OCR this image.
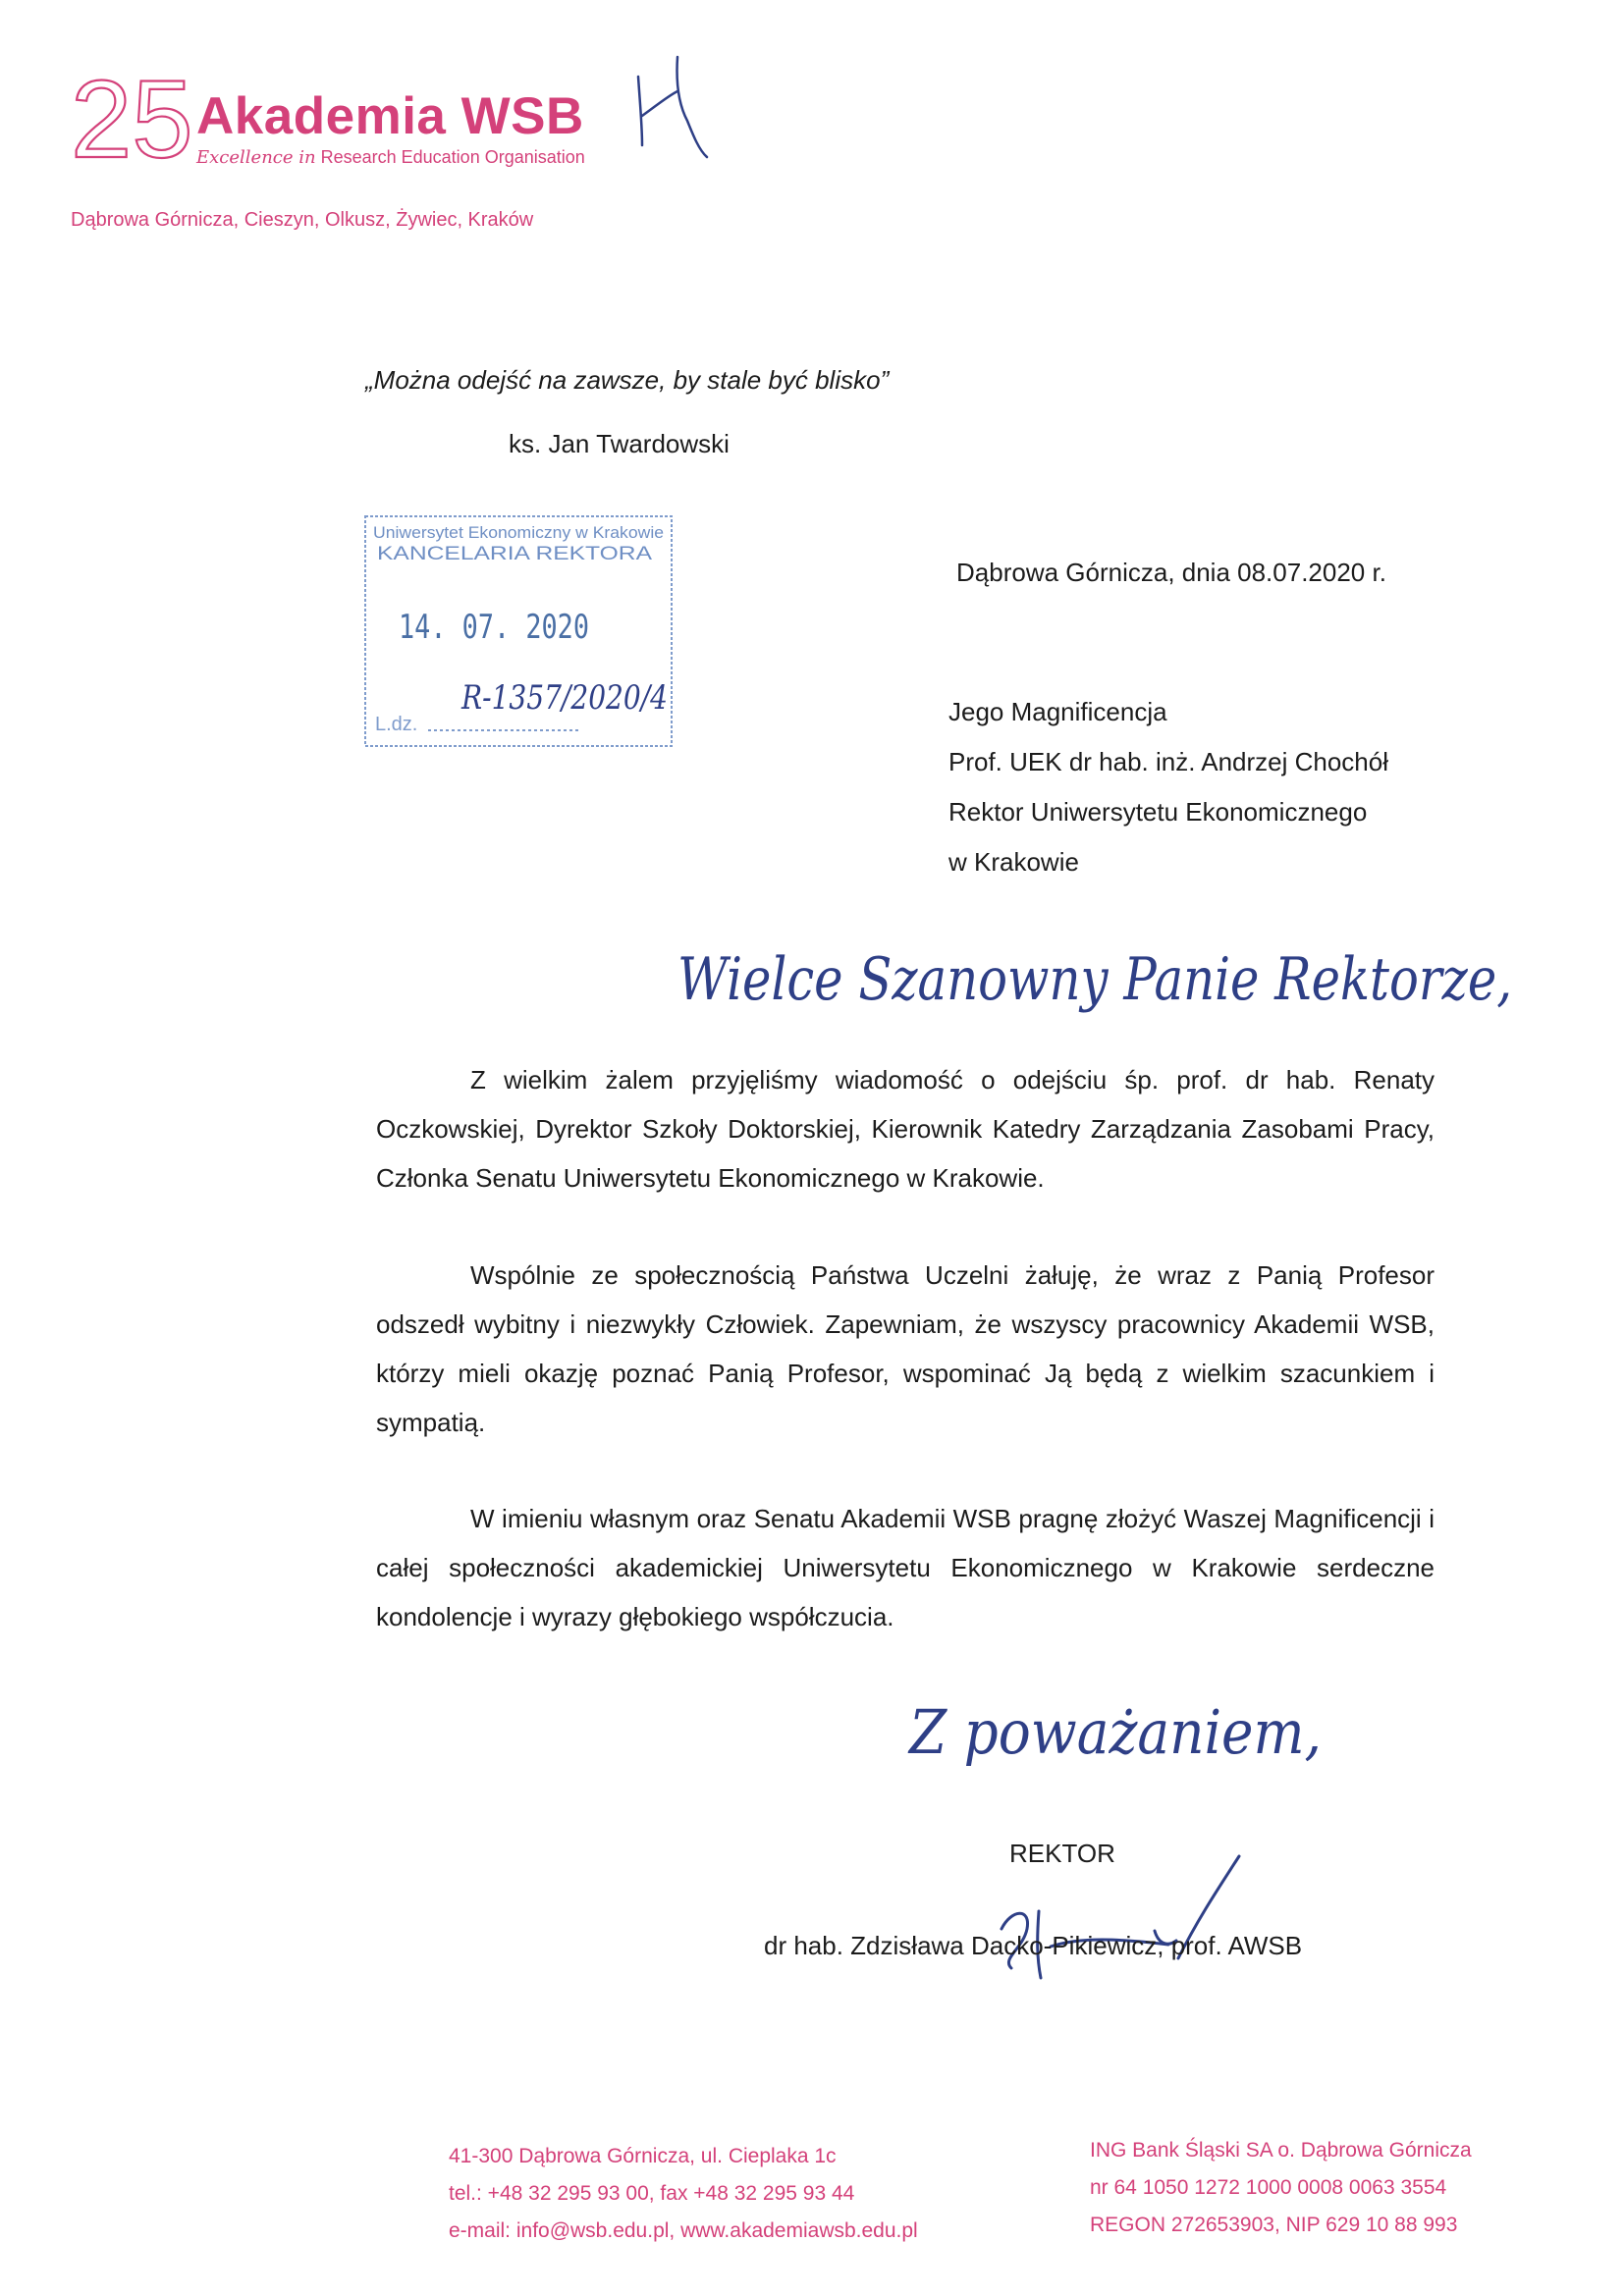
25 Akademia WSB
Excellence in Research Education Organisation
Dąbrowa Górnicza, Cieszyn, Olkusz, Żywiec, Kraków
„Można odejść na zawsze, by stale być blisko”
ks. Jan Twardowski
Uniwersytet Ekonomiczny w Krakowie
KANCELARIA REKTORA
14. 07. 2020
L.dz.
R-1357/2020/4
Dąbrowa Górnicza, dnia 08.07.2020 r.
Jego Magnificencja
Prof. UEK dr hab. inż. Andrzej Chochół
Rektor Uniwersytetu Ekonomicznego
w Krakowie
Wielce Szanowny Panie Rektorze,

Z wielkim żalem przyjęliśmy wiadomość o odejściu śp. prof. dr hab. Renaty Oczkowskiej, Dyrektor Szkoły Doktorskiej, Kierownik Katedry Zarządzania Zasobami Pracy, Członka Senatu Uniwersytetu Ekonomicznego w Krakowie.

Wspólnie ze społecznością Państwa Uczelni żałuję, że wraz z Panią Profesor odszedł wybitny i niezwykły Człowiek. Zapewniam, że wszyscy pracownicy Akademii WSB, którzy mieli okazję poznać Panią Profesor, wspominać Ją będą z wielkim szacunkiem i sympatią.

W imieniu własnym oraz Senatu Akademii WSB pragnę złożyć Waszej Magnificencji i całej społeczności akademickiej Uniwersytetu Ekonomicznego w Krakowie serdeczne kondolencje i wyrazy głębokiego współczucia.

Z poważaniem,
REKTOR
dr hab. Zdzisława Dacko-Pikiewicz, prof. AWSB
41-300 Dąbrowa Górnicza, ul. Cieplaka 1c
tel.: +48 32 295 93 00, fax +48 32 295 93 44
e-mail: info@wsb.edu.pl, www.akademiawsb.edu.pl
ING Bank Śląski SA o. Dąbrowa Górnicza
nr 64 1050 1272 1000 0008 0063 3554
REGON 272653903, NIP 629 10 88 993
